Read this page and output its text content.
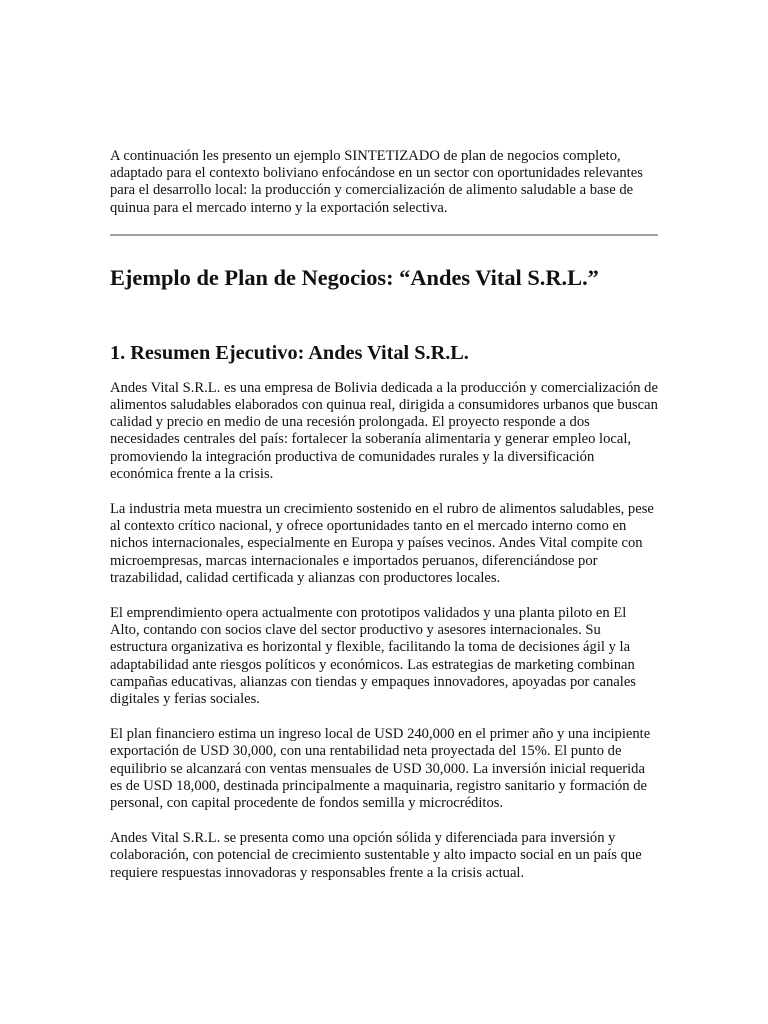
A continuación les presento un ejemplo SINTETIZADO de plan de negocios completo, adaptado para el contexto boliviano enfocándose en un sector con oportunidades relevantes para el desarrollo local: la producción y comercialización de alimento saludable a base de quinua para el mercado interno y la exportación selectiva.

Ejemplo de Plan de Negocios: “Andes Vital S.R.L.”
1. Resumen Ejecutivo: Andes Vital S.R.L.

Andes Vital S.R.L. es una empresa de Bolivia dedicada a la producción y comercialización de alimentos saludables elaborados con quinua real, dirigida a consumidores urbanos que buscan calidad y precio en medio de una recesión prolongada. El proyecto responde a dos necesidades centrales del país: fortalecer la soberanía alimentaria y generar empleo local, promoviendo la integración productiva de comunidades rurales y la diversificación económica frente a la crisis.

La industria meta muestra un crecimiento sostenido en el rubro de alimentos saludables, pese al contexto crítico nacional, y ofrece oportunidades tanto en el mercado interno como en nichos internacionales, especialmente en Europa y países vecinos. Andes Vital compite con microempresas, marcas internacionales e importados peruanos, diferenciándose por trazabilidad, calidad certificada y alianzas con productores locales.

El emprendimiento opera actualmente con prototipos validados y una planta piloto en El Alto, contando con socios clave del sector productivo y asesores internacionales. Su estructura organizativa es horizontal y flexible, facilitando la toma de decisiones ágil y la adaptabilidad ante riesgos políticos y económicos. Las estrategias de marketing combinan campañas educativas, alianzas con tiendas y empaques innovadores, apoyadas por canales digitales y ferias sociales.

El plan financiero estima un ingreso local de USD 240,000 en el primer año y una incipiente exportación de USD 30,000, con una rentabilidad neta proyectada del 15%. El punto de equilibrio se alcanzará con ventas mensuales de USD 30,000. La inversión inicial requerida es de USD 18,000, destinada principalmente a maquinaria, registro sanitario y formación de personal, con capital procedente de fondos semilla y microcréditos.

Andes Vital S.R.L. se presenta como una opción sólida y diferenciada para inversión y colaboración, con potencial de crecimiento sustentable y alto impacto social en un país que requiere respuestas innovadoras y responsables frente a la crisis actual.
